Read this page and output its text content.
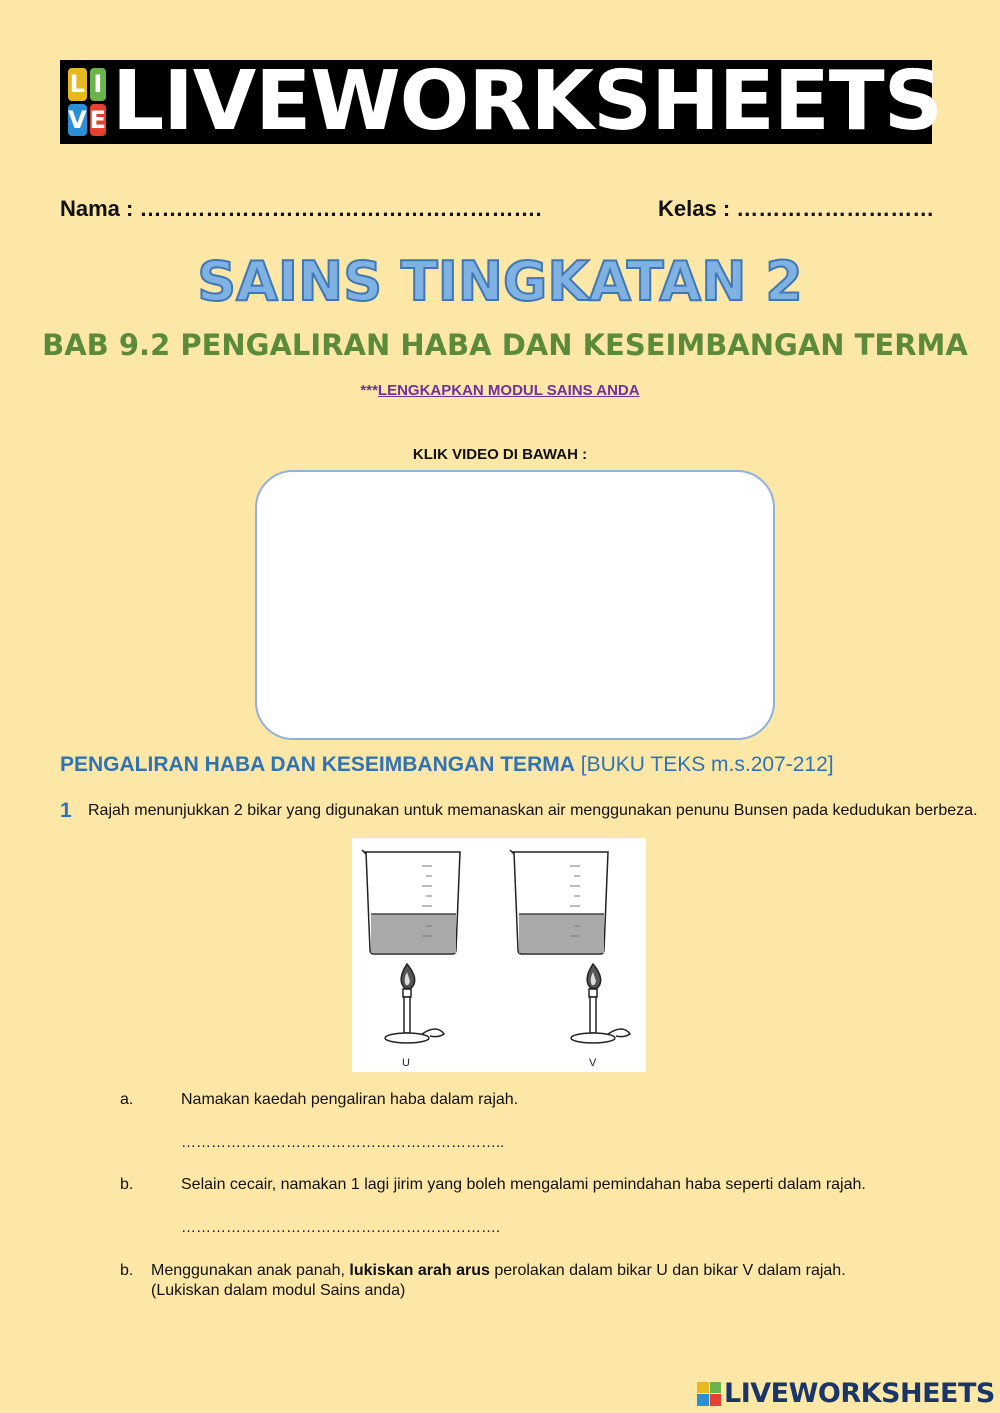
L I
V E LIVEWORKSHEETS
Nama : ……………………………………………….	Kelas : ………………………
SAINS TINGKATAN 2
BAB 9.2 PENGALIRAN HABA DAN KESEIMBANGAN TERMA
***LENGKAPKAN MODUL SAINS ANDA
KLIK VIDEO DI BAWAH :
PENGALIRAN HABA DAN KESEIMBANGAN TERMA [BUKU TEKS m.s.207-212]
1 Rajah menunjukkan 2 bikar yang digunakan untuk memanaskan air menggunakan penunu Bunsen pada kedudukan berbeza.
U	V
a.	Namakan kaedah pengaliran haba dalam rajah.
………………………………………………………..
b.	Selain cecair, namakan 1 lagi jirim yang boleh mengalami pemindahan haba seperti dalam rajah.
……………………………………………………….
b. Menggunakan anak panah, lukiskan arah arus perolakan dalam bikar U dan bikar V dalam rajah.
(Lukiskan dalam modul Sains anda)
LIVEWORKSHEETS
